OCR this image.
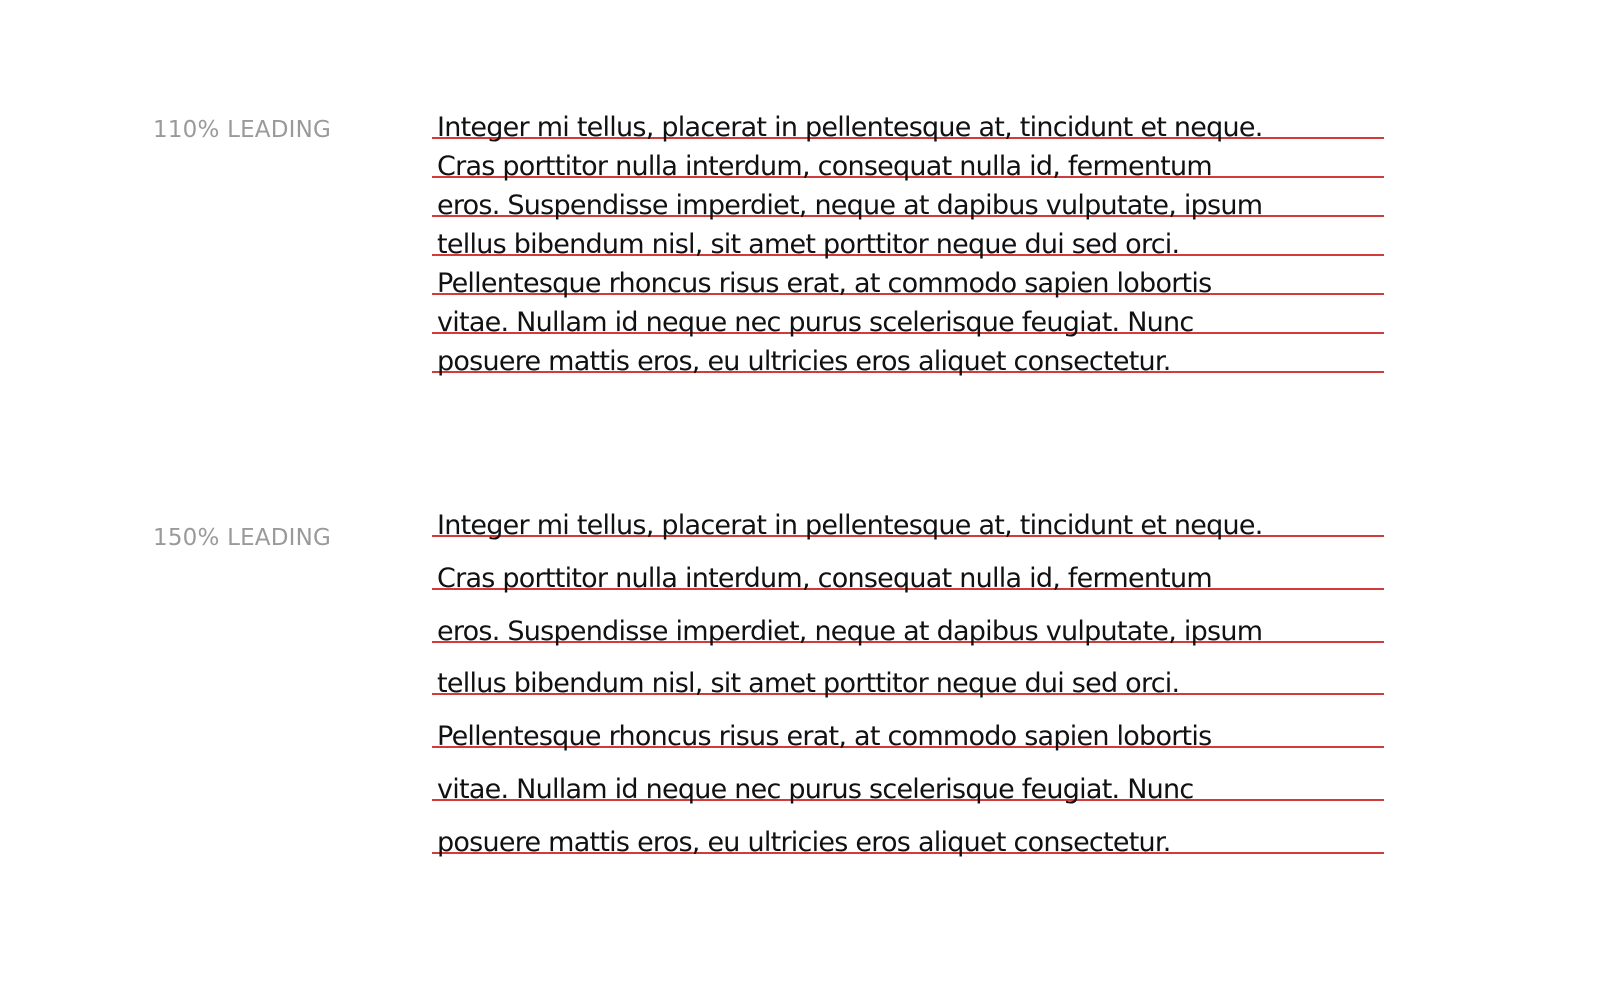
110% LEADING	Integer mi tellus, placerat in pellentesque at, tincidunt et neque.
Cras porttitor nulla interdum, consequat nulla id, fermentum
eros. Suspendisse imperdiet, neque at dapibus vulputate, ipsum
tellus bibendum nisl, sit amet porttitor neque dui sed orci.
Pellentesque rhoncus risus erat, at commodo sapien lobortis
vitae. Nullam id neque nec purus scelerisque feugiat. Nunc
posuere mattis eros, eu ultricies eros aliquet consectetur.
150% LEADING	Integer mi tellus, placerat in pellentesque at, tincidunt et neque.
Cras porttitor nulla interdum, consequat nulla id, fermentum
eros. Suspendisse imperdiet, neque at dapibus vulputate, ipsum
tellus bibendum nisl, sit amet porttitor neque dui sed orci.
Pellentesque rhoncus risus erat, at commodo sapien lobortis
vitae. Nullam id neque nec purus scelerisque feugiat. Nunc
posuere mattis eros, eu ultricies eros aliquet consectetur.
